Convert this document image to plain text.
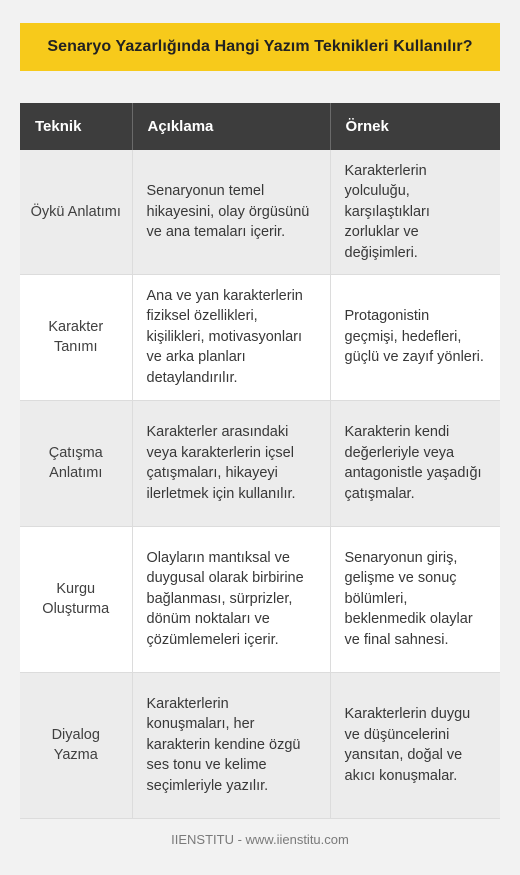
Senaryo Yazarlığında Hangi Yazım Teknikleri Kullanılır?
Teknik	Açıklama	Örnek
Öykü Anlatımı	Senaryonun temel hikayesini, olay örgüsünü ve ana temaları içerir.	Karakterlerin yolculuğu, karşılaştıkları zorluklar ve değişimleri.
Karakter Tanımı	Ana ve yan karakterlerin fiziksel özellikleri, kişilikleri, motivasyonları ve arka planları detaylandırılır.	Protagonistin geçmişi, hedefleri, güçlü ve zayıf yönleri.
Çatışma Anlatımı	Karakterler arasındaki veya karakterlerin içsel çatışmaları, hikayeyi ilerletmek için kullanılır.	Karakterin kendi değerleriyle veya antagonistle yaşadığı çatışmalar.
Kurgu Oluşturma	Olayların mantıksal ve duygusal olarak birbirine bağlanması, sürprizler, dönüm noktaları ve çözümlemeleri içerir.	Senaryonun giriş, gelişme ve sonuç bölümleri, beklenmedik olaylar ve final sahnesi.
Diyalog Yazma	Karakterlerin konuşmaları, her karakterin kendine özgü ses tonu ve kelime seçimleriyle yazılır.	Karakterlerin duygu ve düşüncelerini yansıtan, doğal ve akıcı konuşmalar.
IIENSTITU - www.iienstitu.com
